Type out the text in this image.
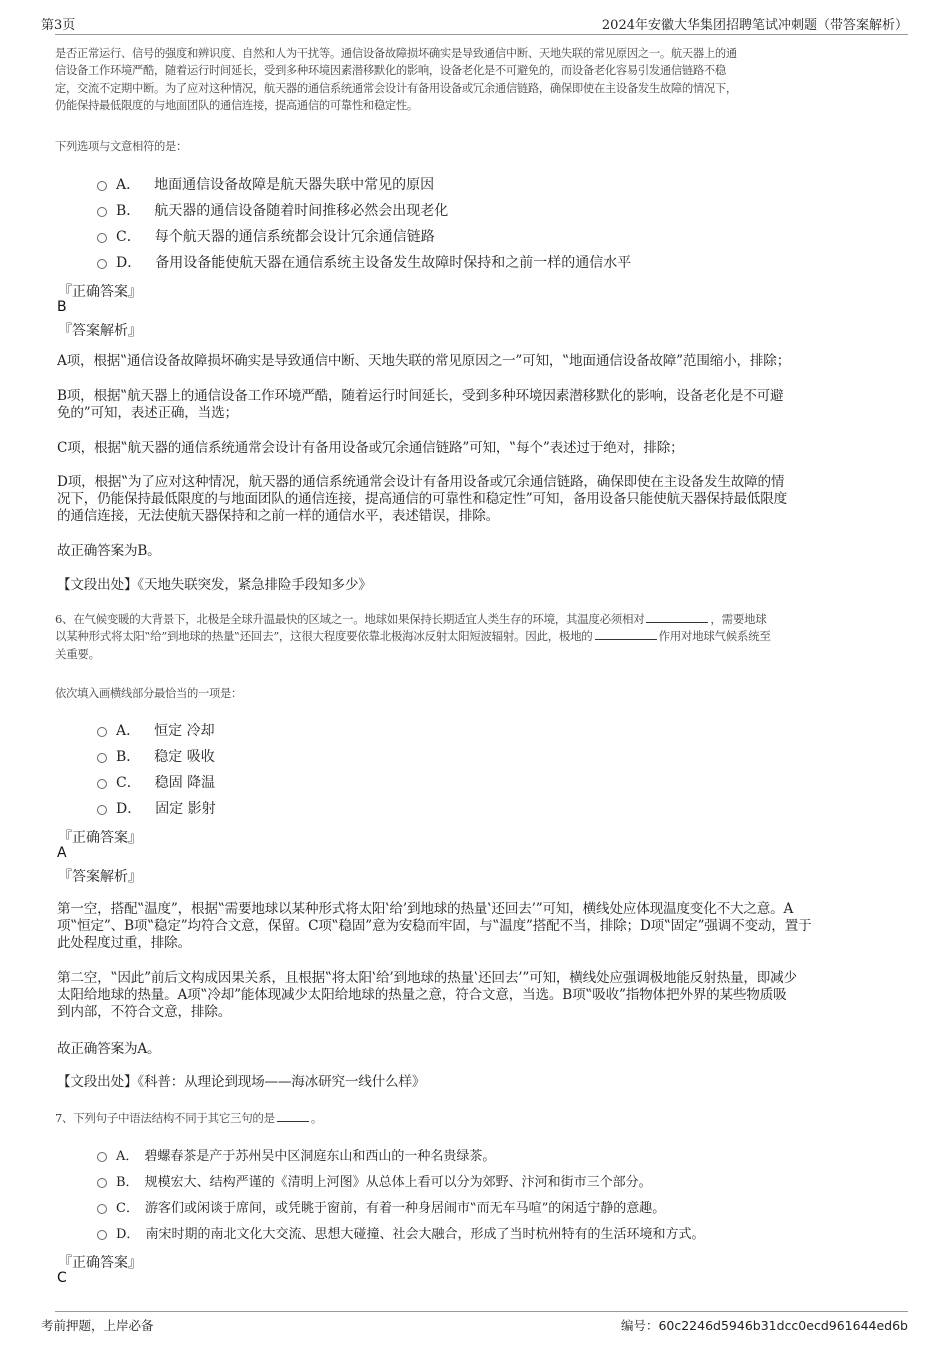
第3页	2024年安徽大华集团招聘笔试冲刺题（带答案解析）
是否正常运行、信号的强度和辨识度、自然和人为干扰等。通信设备故障损坏确实是导致通信中断、天地失联的常见原因之一。航天器上的通
信设备工作环境严酷，随着运行时间延长，受到多种环境因素潜移默化的影响，设备老化是不可避免的，而设备老化容易引发通信链路不稳
定，交流不定期中断。为了应对这种情况，航天器的通信系统通常会设计有备用设备或冗余通信链路，确保即使在主设备发生故障的情况下，
仍能保持最低限度的与地面团队的通信连接，提高通信的可靠性和稳定性。
下列选项与文意相符的是：
A． 地面通信设备故障是航天器失联中常见的原因
B． 航天器的通信设备随着时间推移必然会出现老化
C． 每个航天器的通信系统都会设计冗余通信链路
D． 备用设备能使航天器在通信系统主设备发生故障时保持和之前一样的通信水平
『正确答案』
B
『答案解析』
A项，根据‟通信设备故障损坏确实是导致通信中断、天地失联的常见原因之一”可知，‟地面通信设备故障”范围缩小，排除；
B项，根据‟航天器上的通信设备工作环境严酷，随着运行时间延长，受到多种环境因素潜移默化的影响，设备老化是不可避
免的”可知，表述正确，当选；
C项，根据‟航天器的通信系统通常会设计有备用设备或冗余通信链路”可知，‟每个”表述过于绝对，排除；
D项，根据‟为了应对这种情况，航天器的通信系统通常会设计有备用设备或冗余通信链路，确保即使在主设备发生故障的情
况下，仍能保持最低限度的与地面团队的通信连接，提高通信的可靠性和稳定性”可知，备用设备只能使航天器保持最低限度
的通信连接，无法使航天器保持和之前一样的通信水平，表述错误，排除。
故正确答案为B。
【文段出处】《天地失联突发，紧急排险手段知多少》
6、在气候变暖的大背景下，北极是全球升温最快的区域之一。地球如果保持长期适宜人类生存的环境，其温度必须相对	，需要地球
以某种形式将太阳‟给”到地球的热量‟还回去”，这很大程度要依靠北极海冰反射太阳短波辐射。因此，极地的	作用对地球气候系统至
关重要。
依次填入画横线部分最恰当的一项是：
A． 恒定 冷却
B． 稳定 吸收
C． 稳固 降温
D． 固定 影射
『正确答案』
A
『答案解析』
第一空，搭配‟温度”，根据‟需要地球以某种形式将太阳‛给’到地球的热量‛还回去’”可知，横线处应体现温度变化不大之意。A
项‟恒定”、B项‟稳定”均符合文意，保留。C项‟稳固”意为安稳而牢固，与‟温度”搭配不当，排除；D项‟固定”强调不变动，置于
此处程度过重，排除。
第二空，‟因此”前后文构成因果关系，且根据‟将太阳‛给’到地球的热量‛还回去’”可知，横线处应强调极地能反射热量，即减少
太阳给地球的热量。A项‟冷却”能体现减少太阳给地球的热量之意，符合文意，当选。B项‟吸收”指物体把外界的某些物质吸
到内部，不符合文意，排除。
故正确答案为A。
【文段出处】《科普：从理论到现场——海冰研究一线什么样》
7、下列句子中语法结构不同于其它三句的是	。
A． 碧螺春茶是产于苏州吴中区洞庭东山和西山的一种名贵绿茶。
B． 规模宏大、结构严谨的《清明上河图》从总体上看可以分为郊野、汴河和街市三个部分。
C． 游客们或闲谈于席间，或凭眺于窗前，有着一种身居闹市‟而无车马喧”的闲适宁静的意趣。
D． 南宋时期的南北文化大交流、思想大碰撞、社会大融合，形成了当时杭州特有的生活环境和方式。
『正确答案』
C
考前押题，上岸必备	编号：60c2246d5946b31dcc0ecd961644ed6b
